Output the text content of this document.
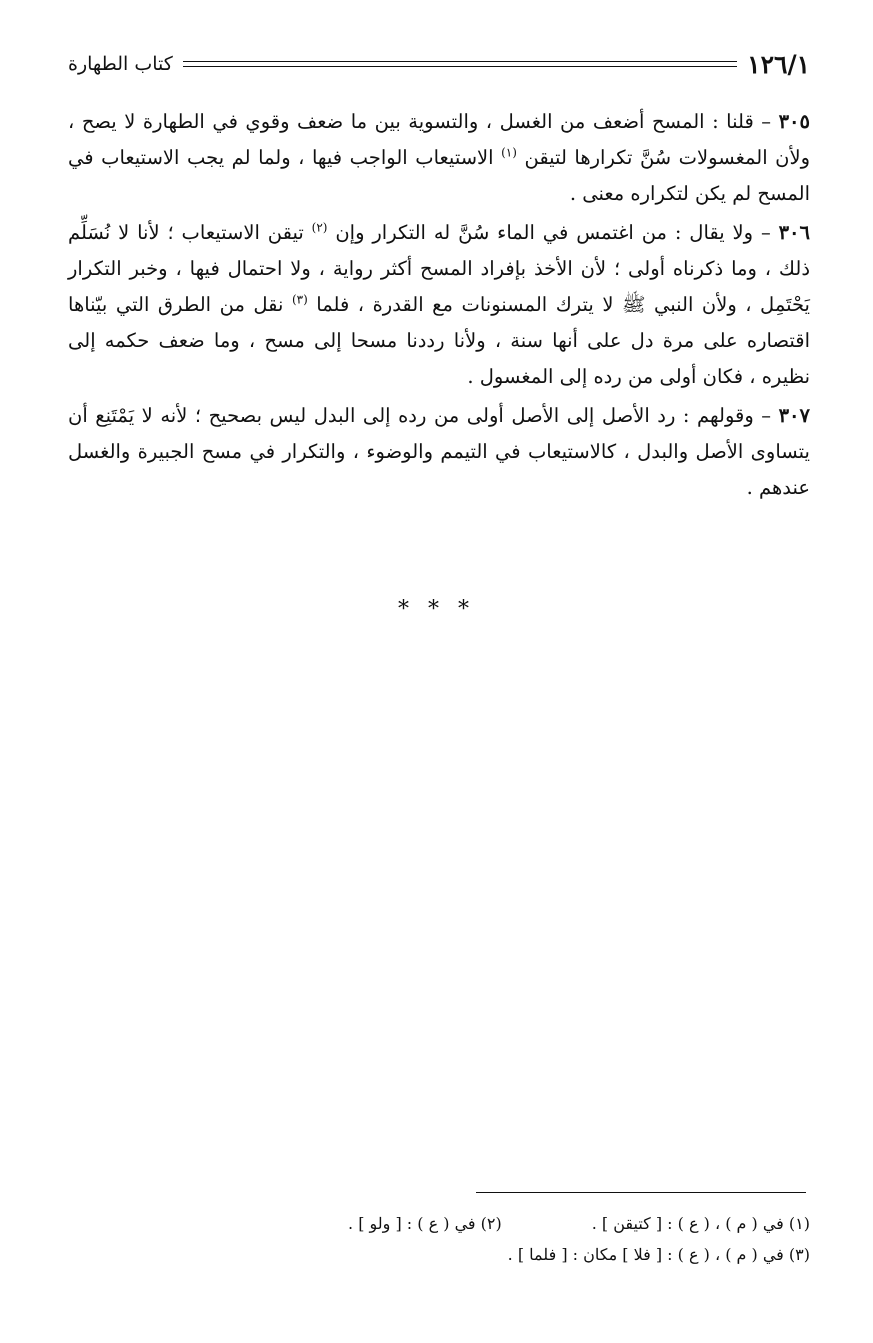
١٢٦/١
كتاب الطهارة

٣٠٥ – قلنا : المسح أضعف من الغسل ، والتسوية بين ما ضعف وقوي في الطهارة لا يصح ، ولأن المغسولات سُنَّ تكرارها لتيقن $^{(١)}$ الاستيعاب الواجب فيها ، ولما لم يجب الاستيعاب في المسح لم يكن لتكراره معنى .

٣٠٦ – ولا يقال : من اغتمس في الماء سُنَّ له التكرار وإن $^{(٢)}$ تيقن الاستيعاب ؛ لأنا لا نُسَلِّم ذلك ، وما ذكرناه أولى ؛ لأن الأخذ بإفراد المسح أكثر رواية ، ولا احتمال فيها ، وخبر التكرار يَحْتَمِل ، ولأن النبي ﷺ لا يترك المسنونات مع القدرة ، فلما $^{(٣)}$ نقل من الطرق التي بيّناها اقتصاره على مرة دل على أنها سنة ، ولأنا رددنا مسحا إلى مسح ، وما ضعف حكمه إلى نظيره ، فكان أولى من رده إلى المغسول .

٣٠٧ – وقولهم : رد الأصل إلى الأصل أولى من رده إلى البدل ليس بصحيح ؛ لأنه لا يَمْتَنِع أن يتساوى الأصل والبدل ، كالاستيعاب في التيمم والوضوء ، والتكرار في مسح الجبيرة والغسل عندهم .

* * *
(١) في ( م ) ، ( ع ) : [ كتيقن ] .
(٢) في ( ع ) : [ ولو ] .
(٣) في ( م ) ، ( ع ) : [ فلا ] مكان : [ فلما ] .
